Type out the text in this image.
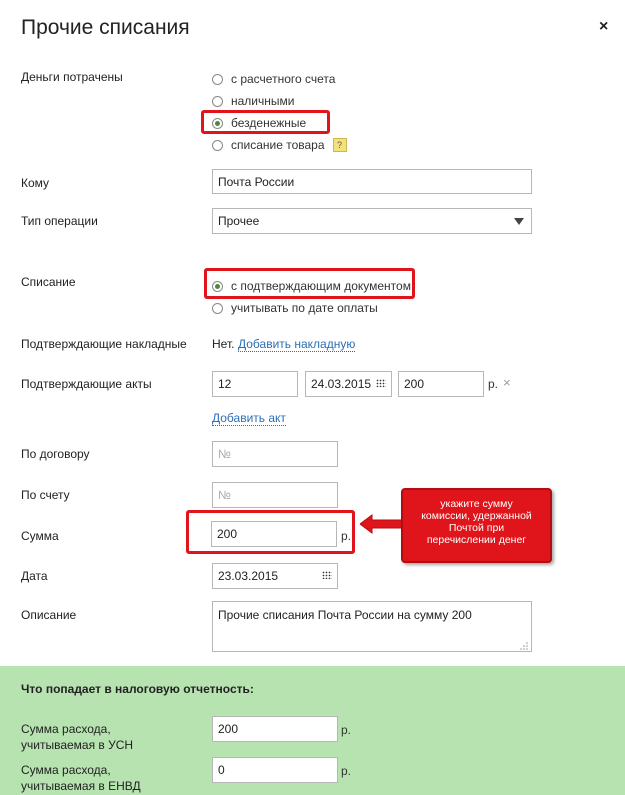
Прочие списания	×
Деньги потрачены	с расчетного счета
наличными
безденежные
списание товара	?
Кому	Почта России
Тип операции	Прочее
Списание	с подтверждающим документом
учитывать по дате оплаты
Подтверждающие накладные Нет. Добавить накладную
Подтверждающие акты	12	24.03.2015	200	р. ×
Добавить акт
По договору	№
По счету	№
Сумма	200	р.
укажите сумму
комиссии, удержанной
Почтой при
перечислении денег
Дата	23.03.2015
Описание	Прочие списания Почта России на сумму 200
Что попадает в налоговую отчетность:
Сумма расхода,
учитываемая в УСН
200	р.
Сумма расхода,
учитываемая в ЕНВД
0	р.
